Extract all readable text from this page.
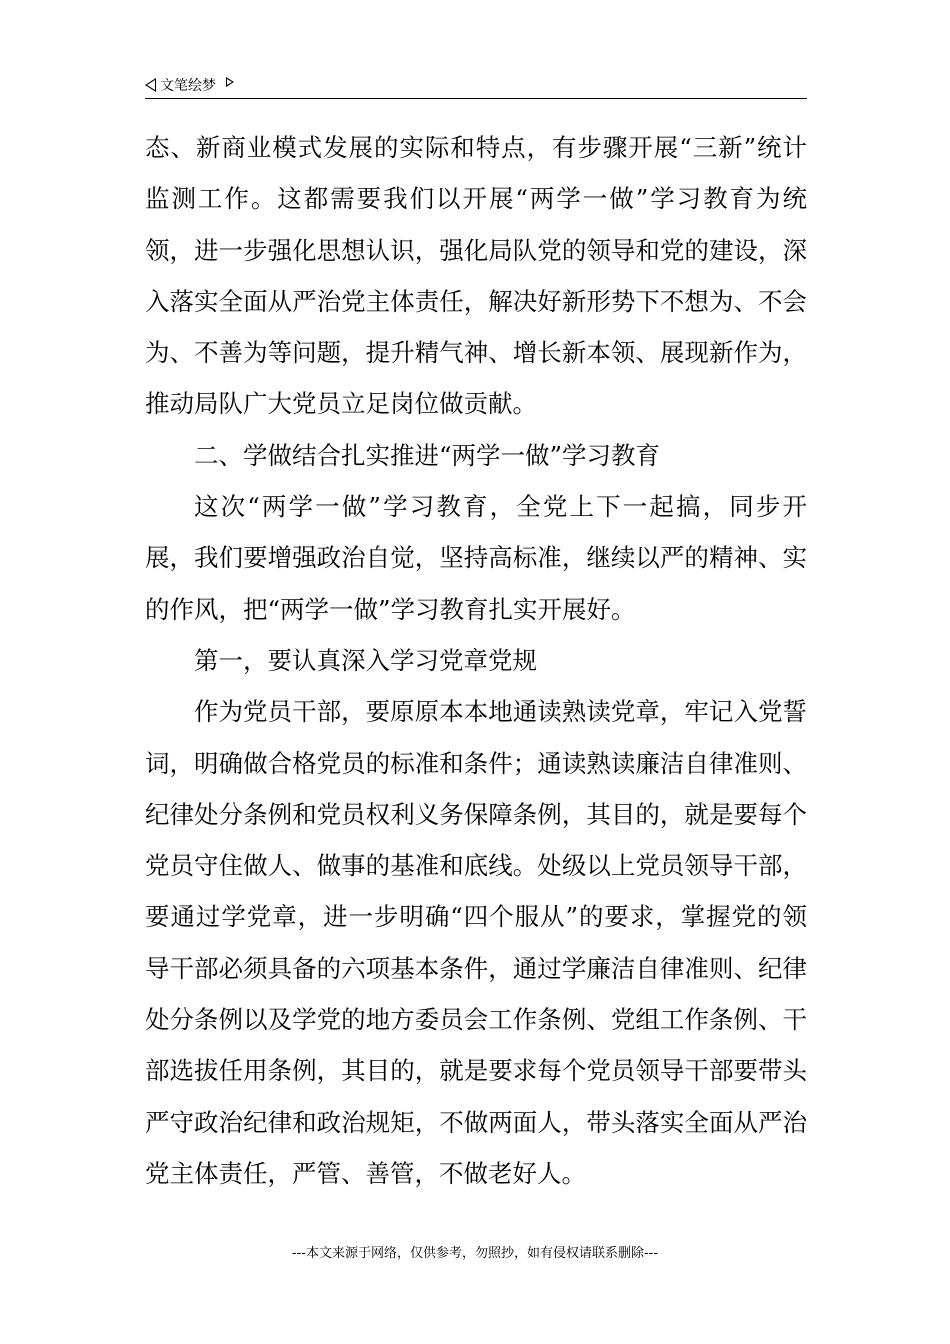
文笔绘梦

态、新商业模式发展的实际和特点，有步骤开展“三新”统计监测工作。这都需要我们以开展“两学一做”学习教育为统领，进一步强化思想认识，强化局队党的领导和党的建设，深入落实全面从严治党主体责任，解决好新形势下不想为、不会为、不善为等问题，提升精气神、增长新本领、展现新作为，推动局队广大党员立足岗位做贡献。

二、学做结合扎实推进“两学一做”学习教育

这次“两学一做”学习教育，全党上下一起搞，同步开展，我们要增强政治自觉，坚持高标准，继续以严的精神、实的作风，把“两学一做”学习教育扎实开展好。

第一，要认真深入学习党章党规

作为党员干部，要原原本本地通读熟读党章，牢记入党誓词，明确做合格党员的标准和条件；通读熟读廉洁自律准则、纪律处分条例和党员权利义务保障条例，其目的，就是要每个党员守住做人、做事的基准和底线。处级以上党员领导干部，要通过学党章，进一步明确“四个服从”的要求，掌握党的领导干部必须具备的六项基本条件，通过学廉洁自律准则、纪律处分条例以及学党的地方委员会工作条例、党组工作条例、干部选拔任用条例，其目的，就是要求每个党员领导干部要带头严守政治纪律和政治规矩，不做两面人，带头落实全面从严治党主体责任，严管、善管，不做老好人。

---本文来源于网络，仅供参考，勿照抄，如有侵权请联系删除---
